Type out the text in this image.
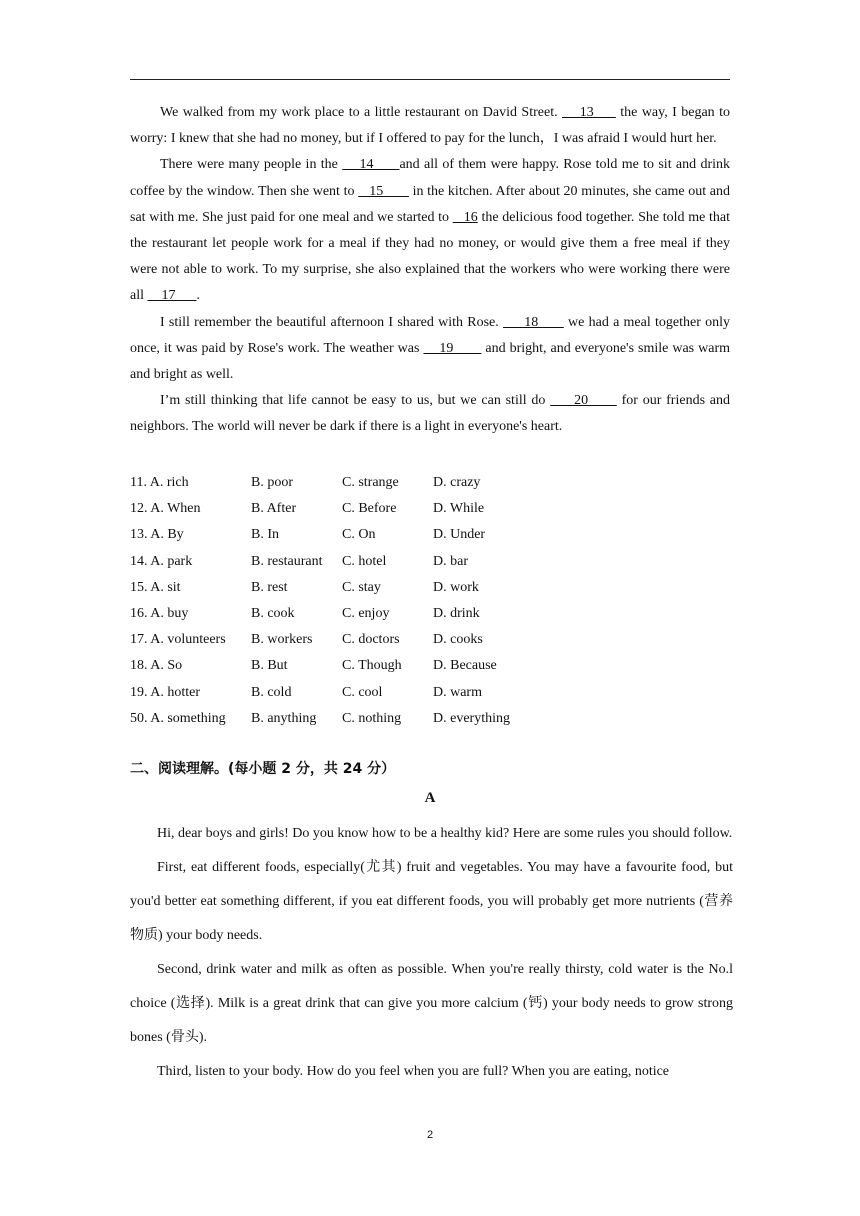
We walked from my work place to a little restaurant on David Street.     13      the way, I began to worry: I knew that she had no money, but if I offered to pay for the lunch，I was afraid I would hurt her.

There were many people in the     14      and all of them were happy. Rose told me to sit and drink coffee by the window. Then she went to    15        in the kitchen. After about 20 minutes, she came out and sat with me. She just paid for one meal and we started to    16 the delicious food together. She told me that the restaurant let people work for a meal if they had no money, or would give them a free meal if they were not able to work. To my surprise, she also explained that the workers who were working there were all     17      .

I still remember the beautiful afternoon I shared with Rose.      18       we had a meal together only once, it was paid by Rose's work. The weather was     19        and bright, and everyone's smile was warm and bright as well.

I’m still thinking that life cannot be easy to us, but we can still do      20       for our friends and neighbors. The world will never be dark if there is a light in everyone's heart.

11. A. rich	B. poor	C. strange	D. crazy
12. A. When	B. After	C. Before	D. While
13. A. By	B. In	C. On	D. Under
14. A. park	B. restaurant	C. hotel	D. bar
15. A. sit	B. rest	C. stay	D. work
16. A. buy	B. cook	C. enjoy	D. drink
17. A. volunteers	B. workers	C. doctors	D. cooks
18. A. So	B. But	C. Though	D. Because
19. A. hotter	B. cold	C. cool	D. warm
50. A. something	B. anything	C. nothing	D. everything
二、阅读理解。(每小题 2 分，共 24 分）
A

Hi, dear boys and girls! Do you know how to be a healthy kid? Here are some rules you should follow.

First, eat different foods, especially(尤其) fruit and vegetables. You may have a favourite food, but you'd better eat something different, if you eat different foods, you will probably get more nutrients (营养物质) your body needs.

Second, drink water and milk as often as possible. When you're really thirsty, cold water is the No.l choice (选择). Milk is a great drink that can give you more calcium (钙) your body needs to grow strong bones (骨头).

Third, listen to your body. How do you feel when you are full? When you are eating, notice

2
